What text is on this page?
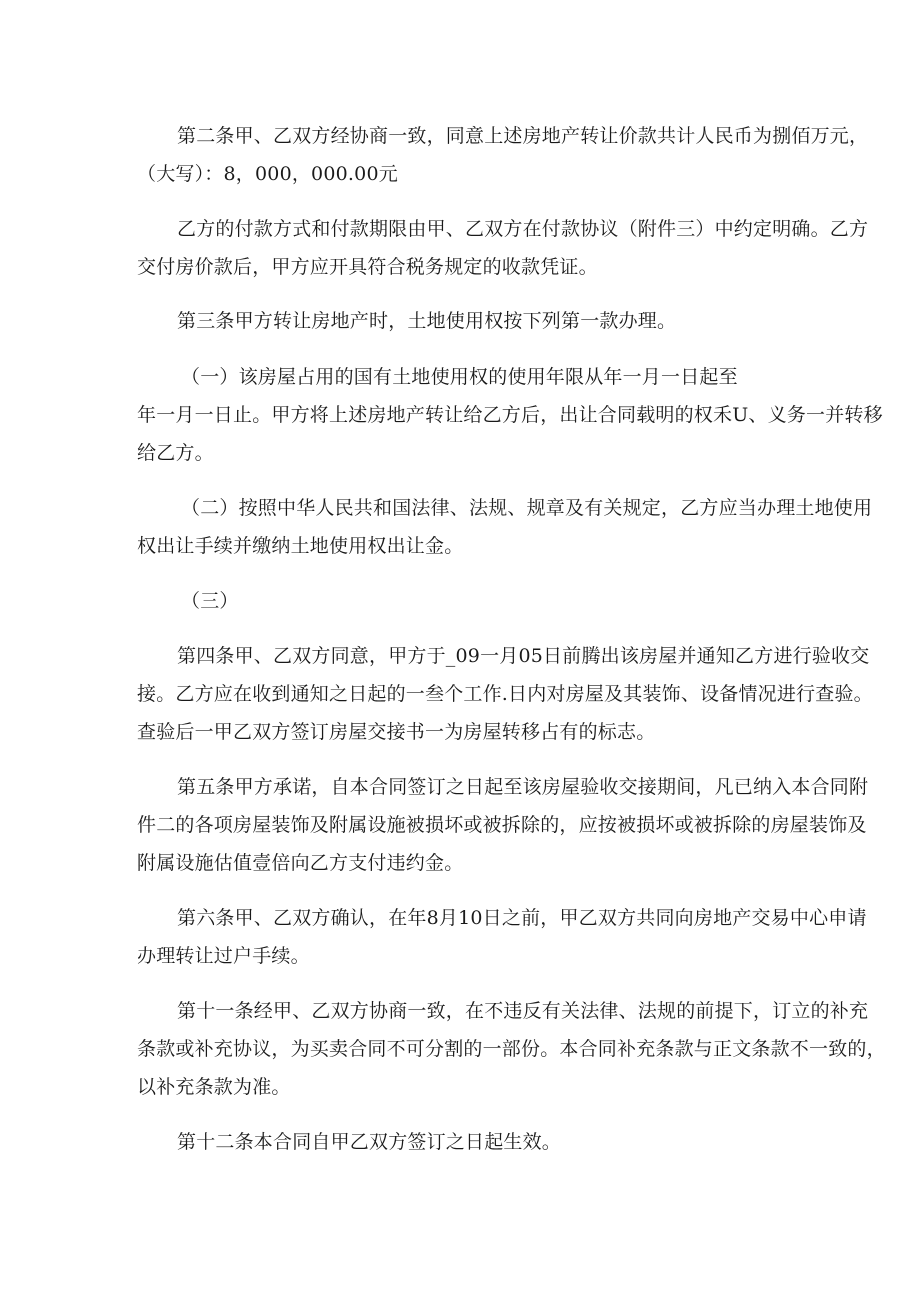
第二条甲、乙双方经协商一致，同意上述房地产转让价款共计人民币为捌佰万元，
（大写）：8，000，000.00元
乙方的付款方式和付款期限由甲、乙双方在付款协议（附件三）中约定明确。乙方
交付房价款后，甲方应开具符合税务规定的收款凭证。
第三条甲方转让房地产时，土地使用权按下列第一款办理。
（一）该房屋占用的国有土地使用权的使用年限从年一月一日起至
年一月一日止。甲方将上述房地产转让给乙方后，出让合同载明的权禾U、义务一并转移
给乙方。
（二）按照中华人民共和国法律、法规、规章及有关规定，乙方应当办理土地使用
权出让手续并缴纳土地使用权出让金。
（三）
第四条甲、乙双方同意，甲方于_09一月05日前腾出该房屋并通知乙方进行验收交
接。乙方应在收到通知之日起的一叁个工作.日内对房屋及其装饰、设备情况进行查验。
查验后一甲乙双方签订房屋交接书一为房屋转移占有的标志。
第五条甲方承诺，自本合同签订之日起至该房屋验收交接期间，凡已纳入本合同附
件二的各项房屋装饰及附属设施被损坏或被拆除的，应按被损坏或被拆除的房屋装饰及
附属设施估值壹倍向乙方支付违约金。
第六条甲、乙双方确认，在年8月10日之前，甲乙双方共同向房地产交易中心申请
办理转让过户手续。
第十一条经甲、乙双方协商一致，在不违反有关法律、法规的前提下，订立的补充
条款或补充协议，为买卖合同不可分割的一部份。本合同补充条款与正文条款不一致的，
以补充条款为准。
第十二条本合同自甲乙双方签订之日起生效。
